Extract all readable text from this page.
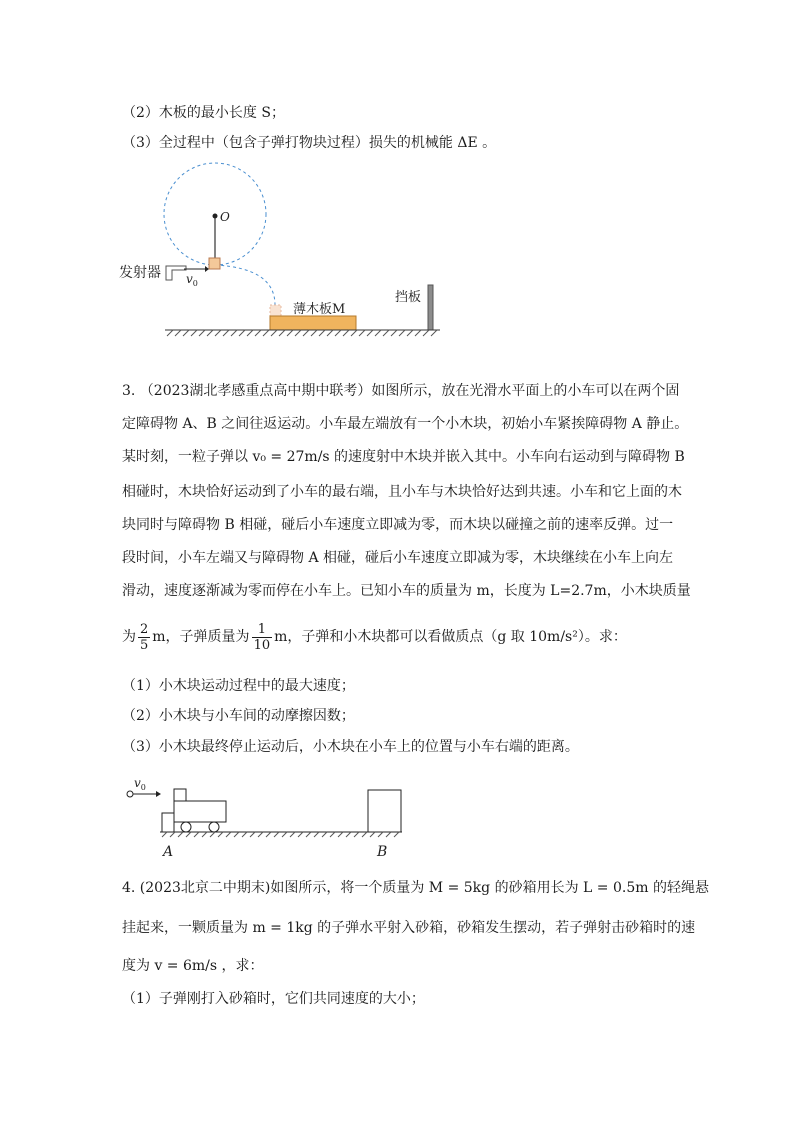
（2）木板的最小长度 S；
（3）全过程中（包含子弹打物块过程）损失的机械能 ΔE 。
O
发射器 $v_0$
薄木板M
挡板
3. （2023湖北孝感重点高中期中联考）如图所示，放在光滑水平面上的小车可以在两个固
定障碍物 A、B 之间往返运动。小车最左端放有一个小木块，初始小车紧挨障碍物 A 静止。
某时刻，一粒子弹以 v₀ = 27m/s 的速度射中木块并嵌入其中。小车向右运动到与障碍物 B
相碰时，木块恰好运动到了小车的最右端，且小车与木块恰好达到共速。小车和它上面的木
块同时与障碍物 B 相碰，碰后小车速度立即减为零，而木块以碰撞之前的速率反弹。过一
段时间，小车左端又与障碍物 A 相碰，碰后小车速度立即减为零，木块继续在小车上向左
滑动，速度逐渐减为零而停在小车上。已知小车的质量为 m，长度为 L=2.7m，小木块质量
为 $\frac{2}{5}$ m，子弹质量为 $\frac{1}{10}$ m，子弹和小木块都可以看做质点（g 取 10m/s²）。求：
（1）小木块运动过程中的最大速度；
（2）小木块与小车间的动摩擦因数；
（3）小木块最终停止运动后，小木块在小车上的位置与小车右端的距离。
$v_0$
A	B
4. (2023北京二中期末)如图所示，将一个质量为 M = 5kg 的砂箱用长为 L = 0.5m 的轻绳悬
挂起来，一颗质量为 m = 1kg 的子弹水平射入砂箱，砂箱发生摆动，若子弹射击砂箱时的速
度为 v = 6m/s ，求：
（1）子弹刚打入砂箱时，它们共同速度的大小；
